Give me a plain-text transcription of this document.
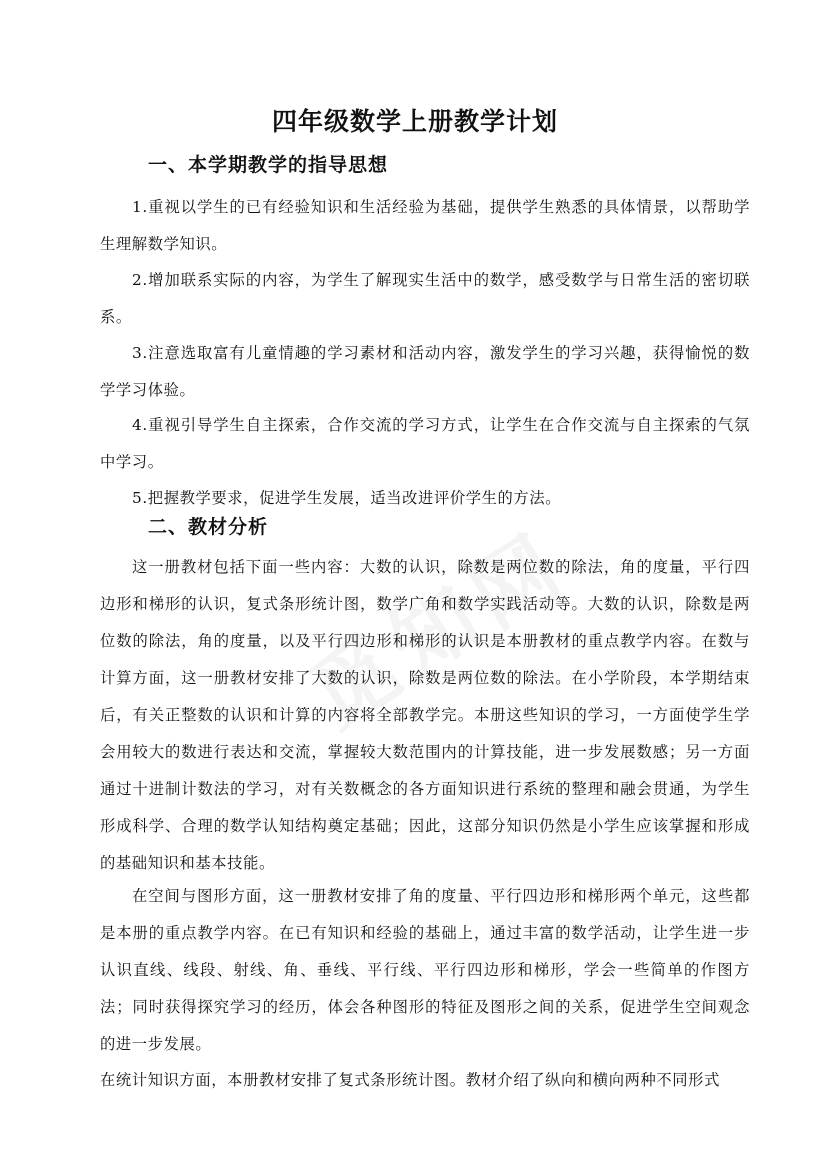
四年级数学上册教学计划
一、本学期教学的指导思想

1.重视以学生的已有经验知识和生活经验为基础，提供学生熟悉的具体情景，以帮助学生理解数学知识。

2.增加联系实际的内容，为学生了解现实生活中的数学，感受数学与日常生活的密切联系。

3.注意选取富有儿童情趣的学习素材和活动内容，激发学生的学习兴趣，获得愉悦的数学学习体验。

4.重视引导学生自主探索，合作交流的学习方式，让学生在合作交流与自主探索的气氛中学习。

5.把握教学要求，促进学生发展，适当改进评价学生的方法。

二、教材分析

这一册教材包括下面一些内容：大数的认识，除数是两位数的除法，角的度量，平行四边形和梯形的认识，复式条形统计图，数学广角和数学实践活动等。大数的认识，除数是两位数的除法，角的度量，以及平行四边形和梯形的认识是本册教材的重点教学内容。在数与计算方面，这一册教材安排了大数的认识，除数是两位数的除法。在小学阶段，本学期结束后，有关正整数的认识和计算的内容将全部教学完。本册这些知识的学习，一方面使学生学会用较大的数进行表达和交流，掌握较大数范围内的计算技能，进一步发展数感；另一方面通过十进制计数法的学习，对有关数概念的各方面知识进行系统的整理和融会贯通，为学生形成科学、合理的数学认知结构奠定基础；因此，这部分知识仍然是小学生应该掌握和形成的基础知识和基本技能。

在空间与图形方面，这一册教材安排了角的度量、平行四边形和梯形两个单元，这些都是本册的重点教学内容。在已有知识和经验的基础上，通过丰富的数学活动，让学生进一步认识直线、线段、射线、角、垂线、平行线、平行四边形和梯形，学会一些简单的作图方法；同时获得探究学习的经历，体会各种图形的特征及图形之间的关系，促进学生空间观念的进一步发展。

在统计知识方面，本册教材安排了复式条形统计图。教材介绍了纵向和横向两种不同形式
